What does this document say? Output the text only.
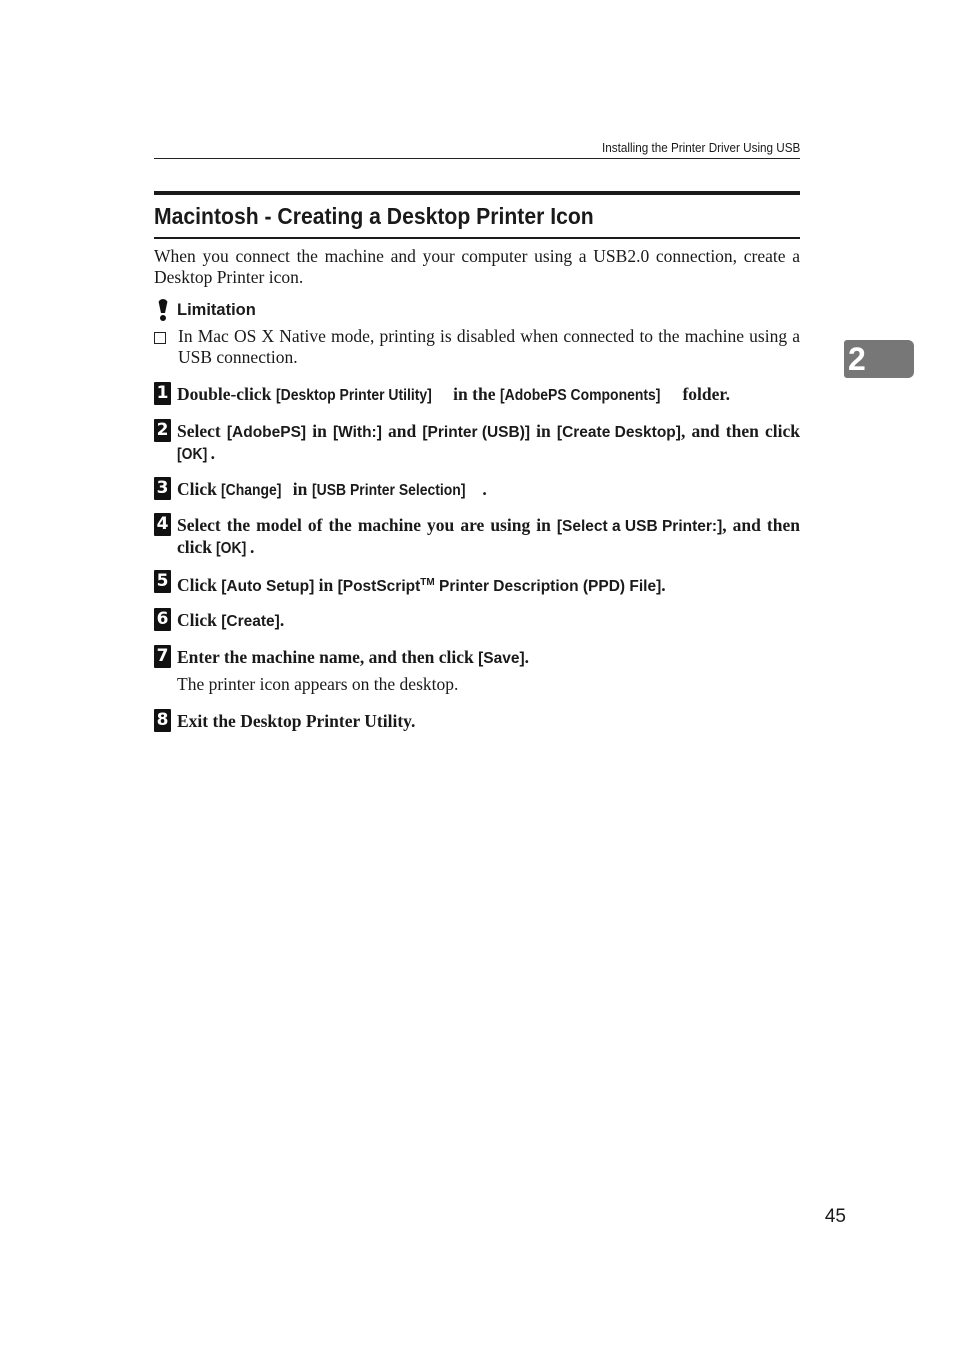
Installing the Printer Driver Using USB
Macintosh - Creating a Desktop Printer Icon

When you connect the machine and your computer using a USB2.0 connection, create a Desktop Printer icon.

Limitation
In Mac OS X Native mode, printing is disabled when connected to the machine using a USB connection.
1 Double-click [Desktop Printer Utility] in the [AdobePS Components] folder.
2 Select [AdobePS] in [With:] and [Printer (USB)] in [Create Desktop], and then click [OK] .
3 Click [Change] in [USB Printer Selection] .
4 Select the model of the machine you are using in [Select a USB Printer:], and then click [OK] .
5 Click [Auto Setup] in [PostScript™ Printer Description (PPD) File].
6 Click [Create].
7 Enter the machine name, and then click [Save].
The printer icon appears on the desktop.
8 Exit the Desktop Printer Utility.
2
45
